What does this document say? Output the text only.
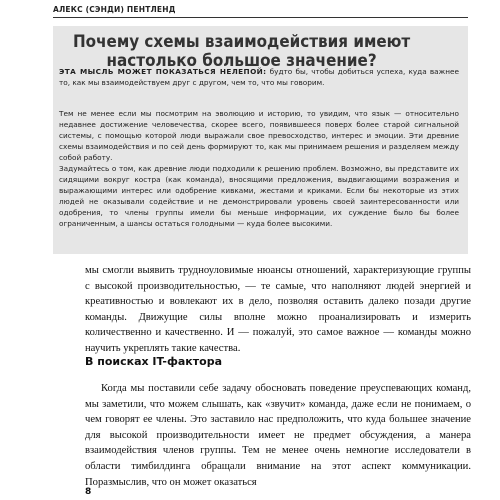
АЛЕКС (СЭНДИ) ПЕНТЛЕНД
Почему схемы взаимодействия имеют настолько большое значение?
ЭТА МЫСЛЬ МОЖЕТ ПОКАЗАТЬСЯ НЕЛЕПОЙ: будто бы, чтобы добиться успеха, куда важнее то, как мы взаимодействуем друг с другом, чем то, что мы говорим.
Тем не менее если мы посмотрим на эволюцию и историю, то увидим, что язык — относительно недавнее достижение человечества, скорее всего, появившееся поверх более старой сигнальной системы, с помощью которой люди выражали свое превосходство, интерес и эмоции. Эти древние схемы взаимодействия и по сей день формируют то, как мы принимаем решения и разделяем между собой работу.
Задумайтесь о том, как древние люди подходили к решению проблем. Возможно, вы представите их сидящими вокруг костра (как команда), вносящими предложения, выдвигающими возражения и выражающими интерес или одобрение кивками, жестами и криками. Если бы некоторые из этих людей не оказывали содействие и не демонстрировали уровень своей заинтересованности или одобрения, то члены группы имели бы меньше информации, их суждение было бы более ограниченным, а шансы остаться голодными — куда более высокими.
мы смогли выявить трудноуловимые нюансы отношений, характеризующие группы с высокой производительностью, — те самые, что наполняют людей энергией и креативностью и вовлекают их в дело, позволяя оставить далеко позади другие команды. Движущие силы вполне можно проанализировать и измерить количественно и качественно. И — пожалуй, это самое важное — команды можно научить укреплять такие качества.
В поисках IT-фактора
Когда мы поставили себе задачу обосновать поведение преуспевающих команд, мы заметили, что можем слышать, как «звучит» команда, даже если не понимаем, о чем говорят ее члены. Это заставило нас предположить, что куда большее значение для высокой производительности имеет не предмет обсуждения, а манера взаимодействия членов группы. Тем не менее очень немногие исследователи в области тимбилдинга обращали внимание на этот аспект коммуникации. Поразмыслив, что он может оказаться
8
